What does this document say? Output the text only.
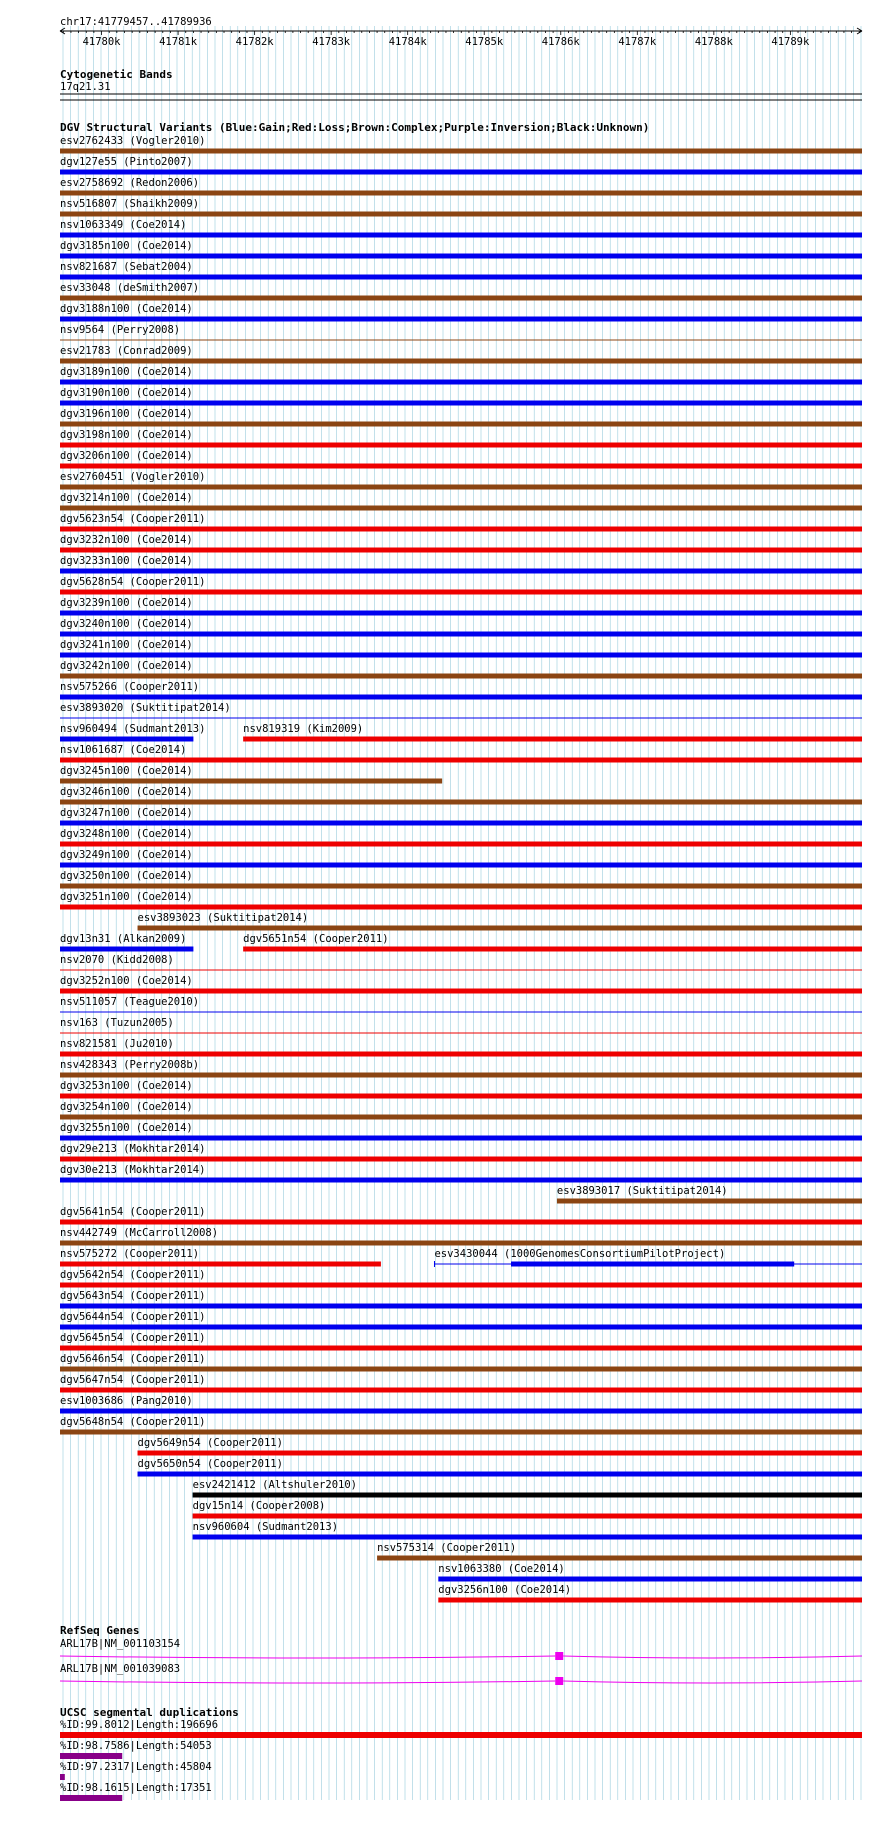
chr17:41779457..41789936
41780k	41781k	41782k	41783k	41784k	41785k	41786k	41787k	41788k	41789k
Cytogenetic Bands
17q21.31
DGV Structural Variants (Blue:Gain;Red:Loss;Brown:Complex;Purple:Inversion;Black:Unknown)
esv2762433 (Vogler2010)
dgv127e55 (Pinto2007)
esv2758692 (Redon2006)
nsv516807 (Shaikh2009)
nsv1063349 (Coe2014)
dgv3185n100 (Coe2014)
nsv821687 (Sebat2004)
esv33048 (deSmith2007)
dgv3188n100 (Coe2014)
nsv9564 (Perry2008)
esv21783 (Conrad2009)
dgv3189n100 (Coe2014)
dgv3190n100 (Coe2014)
dgv3196n100 (Coe2014)
dgv3198n100 (Coe2014)
dgv3206n100 (Coe2014)
esv2760451 (Vogler2010)
dgv3214n100 (Coe2014)
dgv5623n54 (Cooper2011)
dgv3232n100 (Coe2014)
dgv3233n100 (Coe2014)
dgv5628n54 (Cooper2011)
dgv3239n100 (Coe2014)
dgv3240n100 (Coe2014)
dgv3241n100 (Coe2014)
dgv3242n100 (Coe2014)
nsv575266 (Cooper2011)
esv3893020 (Suktitipat2014)
nsv960494 (Sudmant2013)	nsv819319 (Kim2009)
nsv1061687 (Coe2014)
dgv3245n100 (Coe2014)
dgv3246n100 (Coe2014)
dgv3247n100 (Coe2014)
dgv3248n100 (Coe2014)
dgv3249n100 (Coe2014)
dgv3250n100 (Coe2014)
dgv3251n100 (Coe2014)
esv3893023 (Suktitipat2014)
dgv13n31 (Alkan2009)	dgv5651n54 (Cooper2011)
nsv2070 (Kidd2008)
dgv3252n100 (Coe2014)
nsv511057 (Teague2010)
nsv163 (Tuzun2005)
nsv821581 (Ju2010)
nsv428343 (Perry2008b)
dgv3253n100 (Coe2014)
dgv3254n100 (Coe2014)
dgv3255n100 (Coe2014)
dgv29e213 (Mokhtar2014)
dgv30e213 (Mokhtar2014)
esv3893017 (Suktitipat2014)
dgv5641n54 (Cooper2011)
nsv442749 (McCarroll2008)
nsv575272 (Cooper2011)	esv3430044 (1000GenomesConsortiumPilotProject)
dgv5642n54 (Cooper2011)
dgv5643n54 (Cooper2011)
dgv5644n54 (Cooper2011)
dgv5645n54 (Cooper2011)
dgv5646n54 (Cooper2011)
dgv5647n54 (Cooper2011)
esv1003686 (Pang2010)
dgv5648n54 (Cooper2011)
dgv5649n54 (Cooper2011)
dgv5650n54 (Cooper2011)
esv2421412 (Altshuler2010)
dgv15n14 (Cooper2008)
nsv960604 (Sudmant2013)
nsv575314 (Cooper2011)
nsv1063380 (Coe2014)
dgv3256n100 (Coe2014)
RefSeq Genes
ARL17B|NM_001103154
ARL17B|NM_001039083
UCSC segmental duplications
%ID:99.8012|Length:196696
%ID:98.7586|Length:54053
%ID:97.2317|Length:45804
%ID:98.1615|Length:17351
